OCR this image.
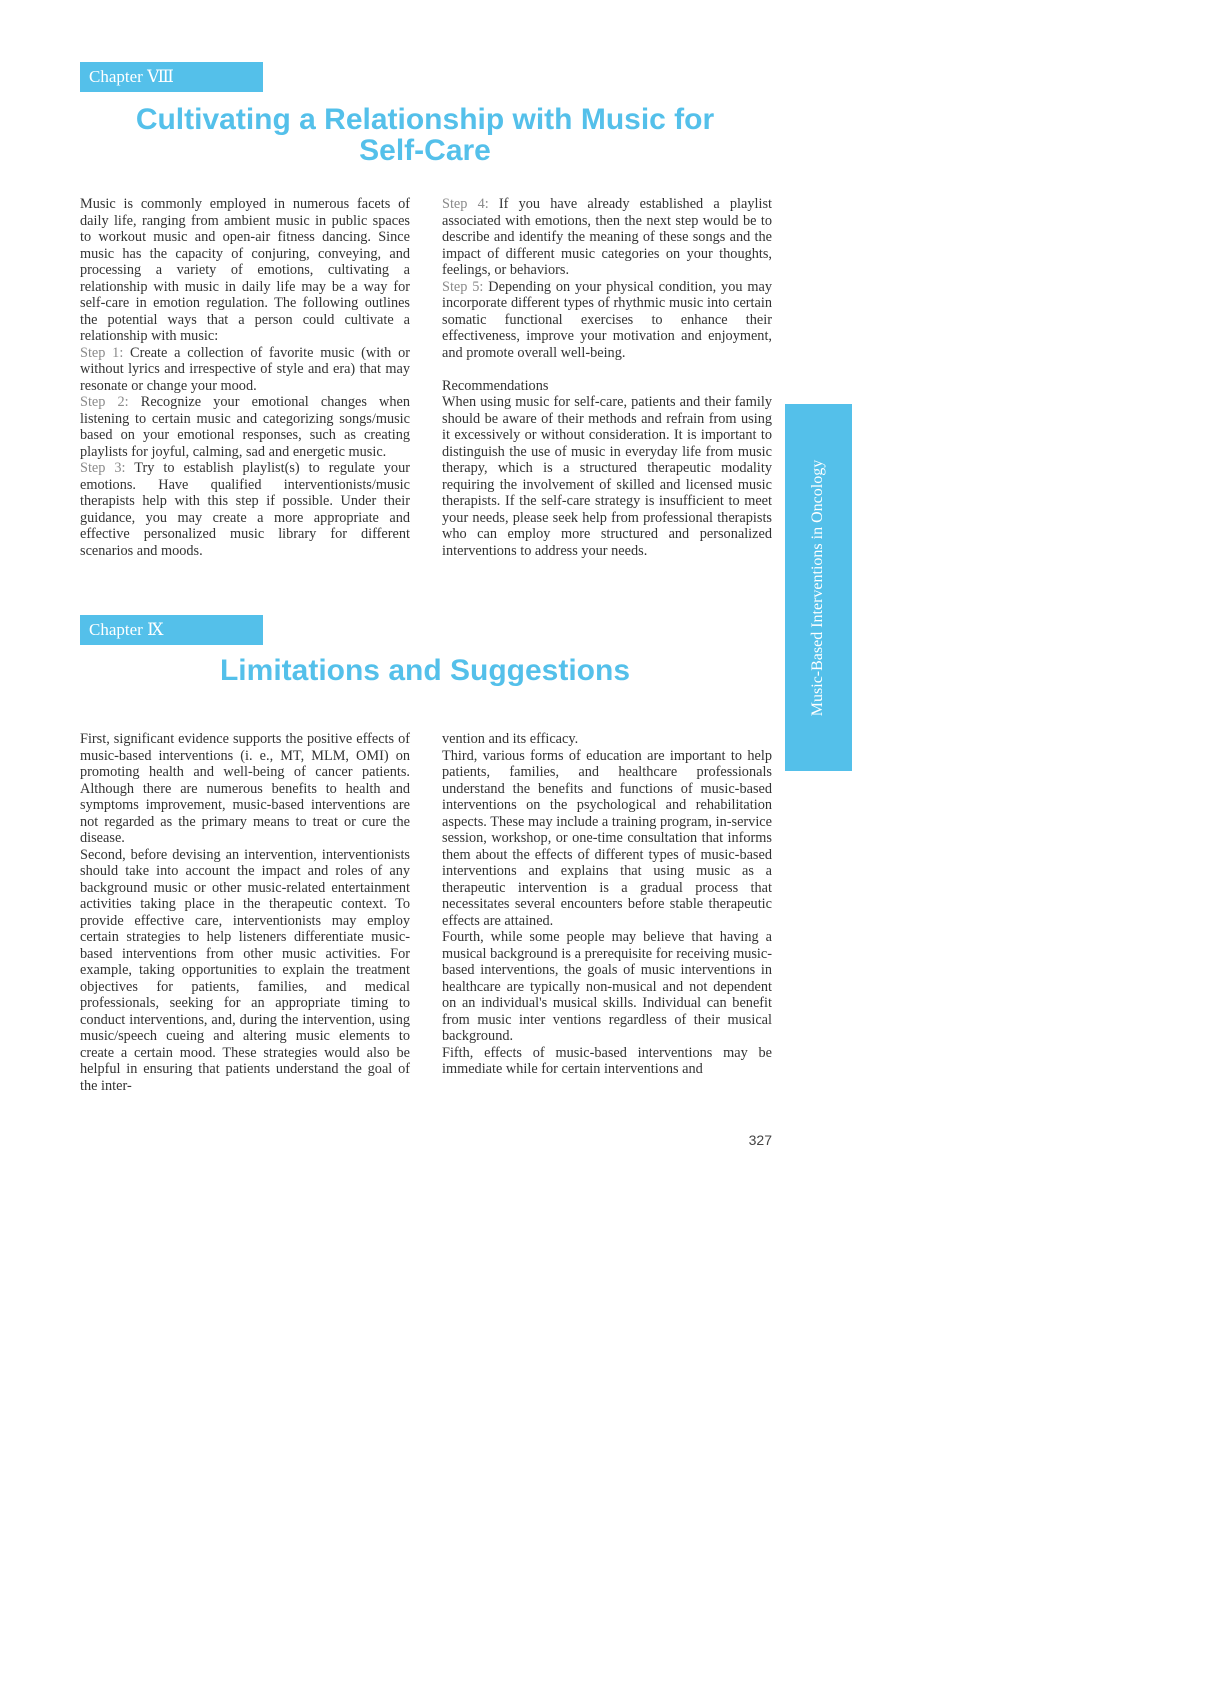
Chapter Ⅷ
Cultivating a Relationship with Music for
Self-Care

Music is commonly employed in numerous facets of daily life, ranging from ambient music in public spaces to workout music and open-air fitness dancing. Since music has the capacity of conjuring, conveying, and processing a variety of emotions, cultivating a relationship with music in daily life may be a way for self-care in emotion regulation. The following outlines the potential ways that a person could cultivate a relationship with music:

Step 1: Create a collection of favorite music (with or without lyrics and irrespective of style and era) that may resonate or change your mood.

Step 2: Recognize your emotional changes when listening to certain music and categorizing songs/music based on your emotional responses, such as creating playlists for joyful, calming, sad and energetic music.

Step 3: Try to establish playlist(s) to regulate your emotions. Have qualified interventionists/music therapists help with this step if possible. Under their guidance, you may create a more appropriate and effective personalized music library for different scenarios and moods.

Step 4: If you have already established a playlist associated with emotions, then the next step would be to describe and identify the meaning of these songs and the impact of different music categories on your thoughts, feelings, or behaviors.

Step 5: Depending on your physical condition, you may incorporate different types of rhythmic music into certain somatic functional exercises to enhance their effectiveness, improve your motivation and enjoyment, and promote overall well-being.

Recommendations

When using music for self-care, patients and their family should be aware of their methods and refrain from using it excessively or without consideration. It is important to distinguish the use of music in everyday life from music therapy, which is a structured therapeutic modality requiring the involvement of skilled and licensed music therapists. If the self-care strategy is insufficient to meet your needs, please seek help from professional therapists who can employ more structured and personalized interventions to address your needs.	Music-Based Interventions in Oncology
Chapter Ⅸ
Limitations and Suggestions

First, significant evidence supports the positive effects of music-based interventions (i. e., MT, MLM, OMI) on promoting health and well-being of cancer patients. Although there are numerous benefits to health and symptoms improvement, music-based interventions are not regarded as the primary means to treat or cure the disease.

Second, before devising an intervention, interventionists should take into account the impact and roles of any background music or other music-related entertainment activities taking place in the therapeutic context. To provide effective care, interventionists may employ certain strategies to help listeners differentiate music-based interventions from other music activities. For example, taking opportunities to explain the treatment objectives for patients, families, and medical professionals, seeking for an appropriate timing to conduct interventions, and, during the intervention, using music/speech cueing and altering music elements to create a certain mood. These strategies would also be helpful in ensuring that patients understand the goal of the inter-

vention and its efficacy.

Third, various forms of education are important to help patients, families, and healthcare professionals understand the benefits and functions of music-based interventions on the psychological and rehabilitation aspects. These may include a training program, in-service session, workshop, or one-time consultation that informs them about the effects of different types of music-based interventions and explains that using music as a therapeutic intervention is a gradual process that necessitates several encounters before stable therapeutic effects are attained.

Fourth, while some people may believe that having a musical background is a prerequisite for receiving music-based interventions, the goals of music interventions in healthcare are typically non-musical and not dependent on an individual's musical skills. Individual can benefit from music inter ventions regardless of their musical background.

Fifth, effects of music-based interventions may be immediate while for certain interventions and

327
